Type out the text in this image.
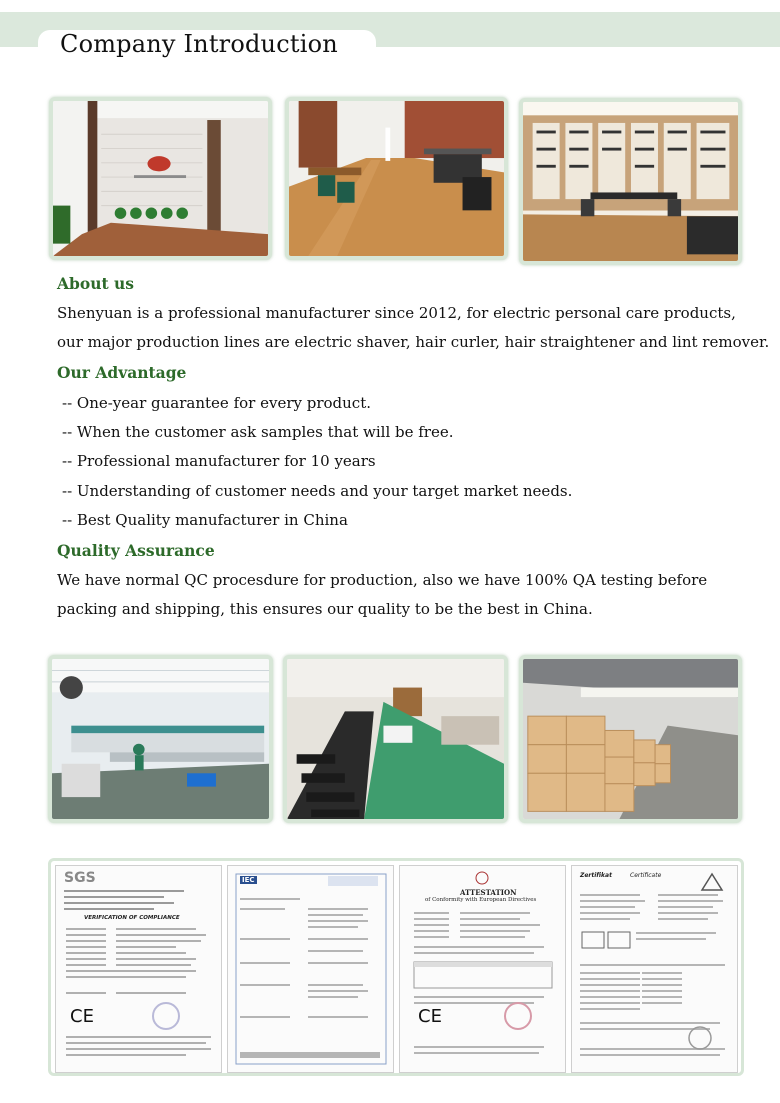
Company Introduction
About us
Shenyuan is a professional manufacturer since 2012, for electric personal care products,
our major production lines are electric shaver, hair curler, hair straightener and lint remover.
Our Advantage
-- One-year guarantee for every product.
-- When the customer ask samples that will be free.
-- Professional manufacturer for 10 years
-- Understanding of customer needs and your target market needs.
-- Best Quality manufacturer in China
Quality Assurance
We have normal QC procesdure for production, also we have 100% QA testing before
packing and shipping, this ensures our quality to be the best in China.
SGS
VERIFICATION OF COMPLIANCE
CE
IEC
ATTESTATION
of Conformity with European Directives
CE
Zertifikat	Certificate
